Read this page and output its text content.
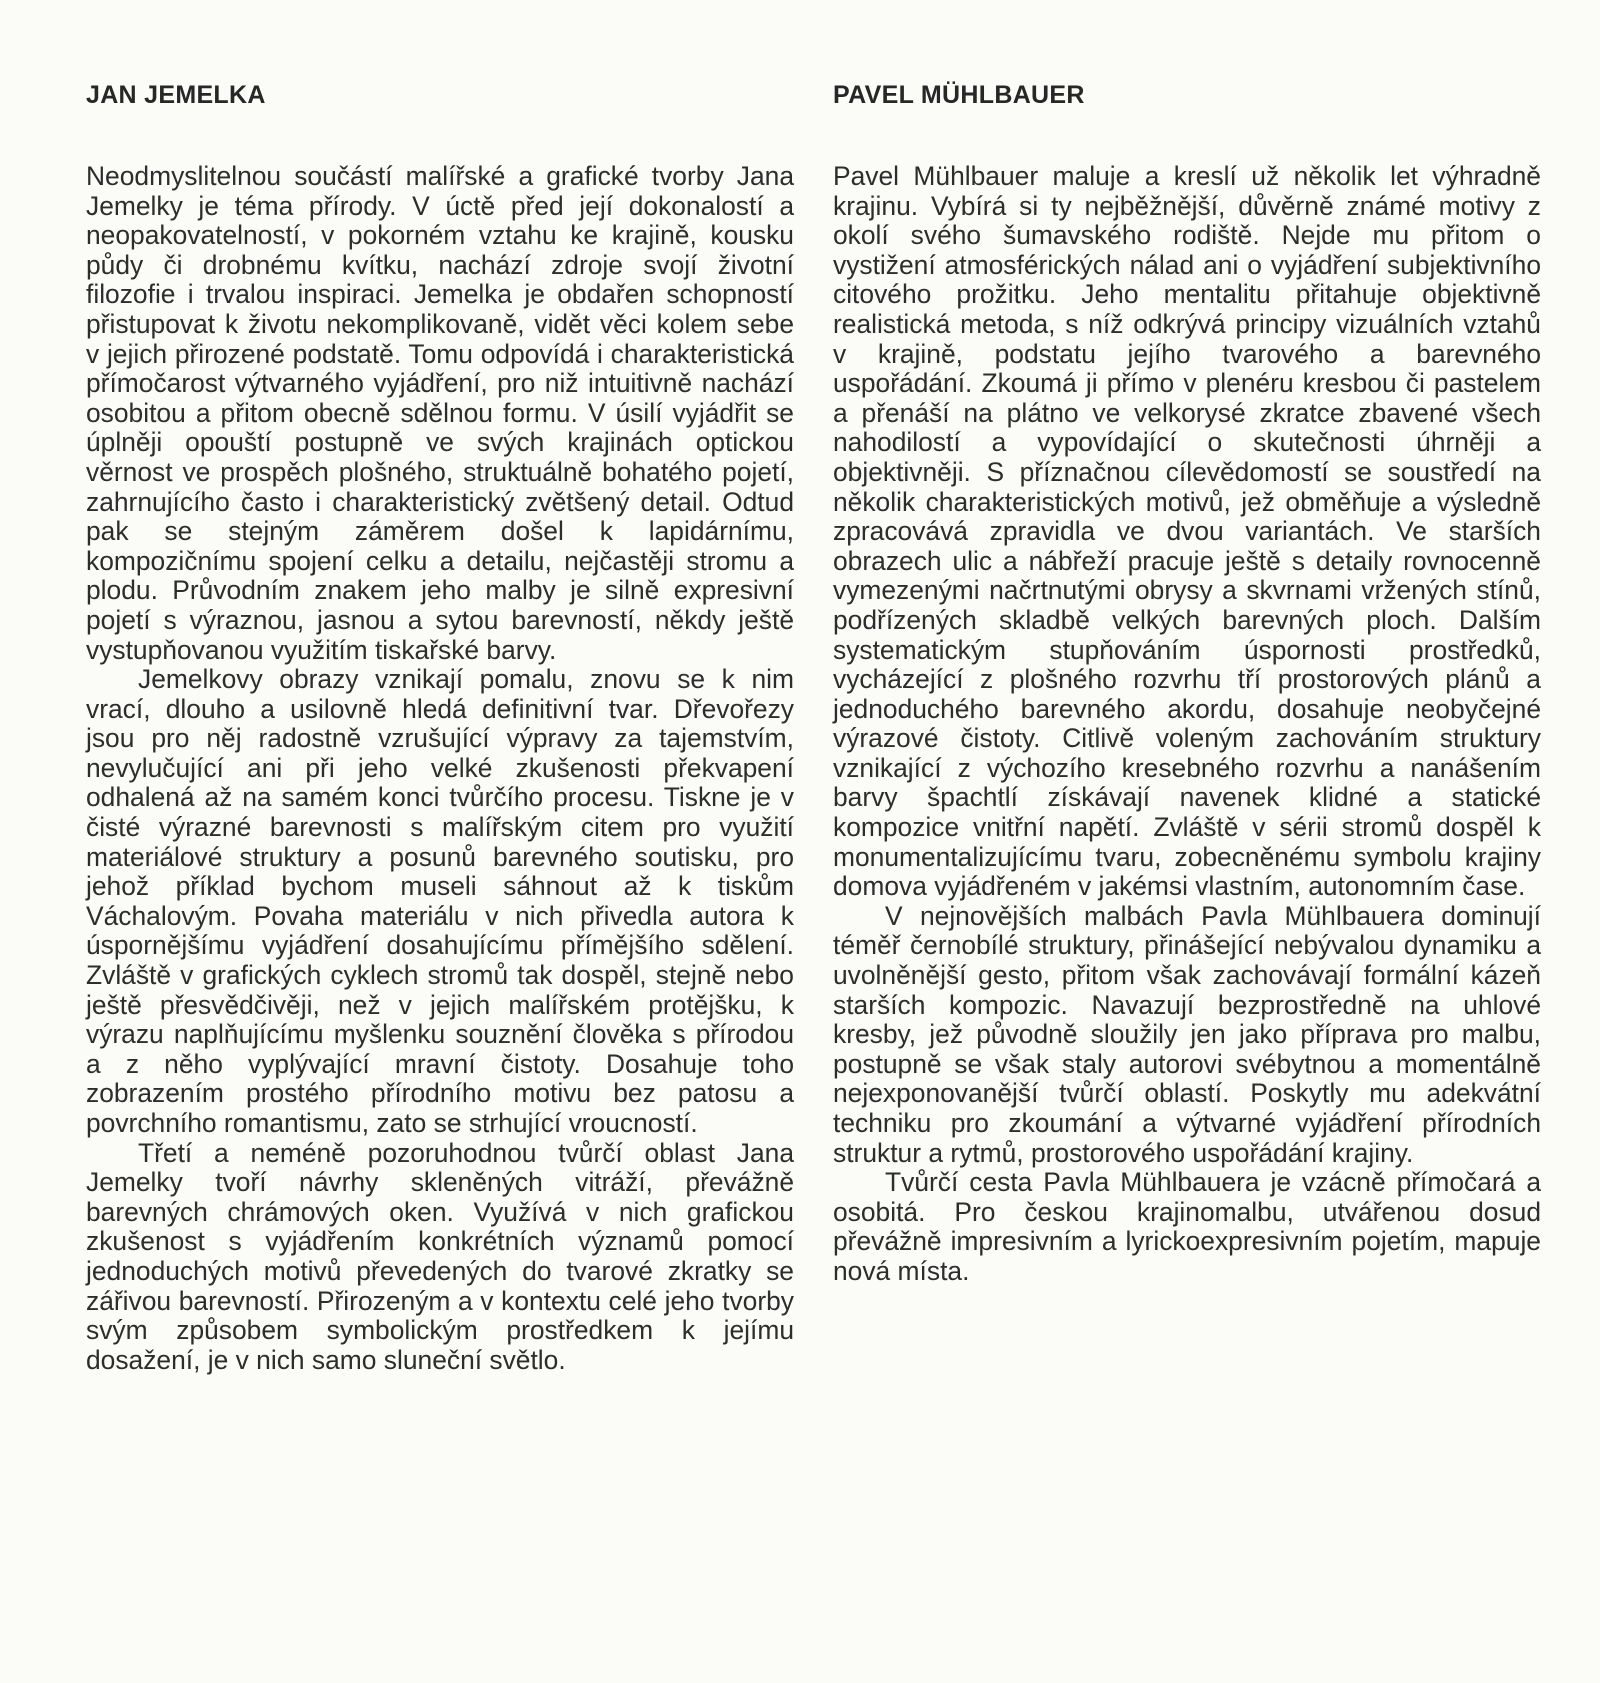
JAN JEMELKA

Neodmyslitelnou součástí malířské a grafické tvorby Jana Jemelky je téma přírody. V úctě před její dokonalostí a neopakovatelností, v pokorném vztahu ke krajině, kousku půdy či drobnému kvítku, nachází zdroje svojí životní filozofie i trvalou inspiraci. Jemelka je obdařen schopností přistupovat k životu nekomplikovaně, vidět věci kolem sebe v jejich přirozené podstatě. Tomu odpovídá i charakteristická přímočarost výtvarného vyjádření, pro niž intuitivně nachází osobitou a přitom obecně sdělnou formu. V úsilí vyjádřit se úplněji opouští postupně ve svých krajinách optickou věrnost ve prospěch plošného, struktuálně bohatého pojetí, zahrnujícího často i charakteristický zvětšený detail. Odtud pak se stejným záměrem došel k lapidárnímu, kompozičnímu spojení celku a detailu, nejčastěji stromu a plodu. Průvodním znakem jeho malby je silně expresivní pojetí s výraznou, jasnou a sytou barevností, někdy ještě vystupňovanou využitím tiskařské barvy.

Jemelkovy obrazy vznikají pomalu, znovu se k nim vrací, dlouho a usilovně hledá definitivní tvar. Dřevořezy jsou pro něj radostně vzrušující výpravy za tajemstvím, nevylučující ani při jeho velké zkušenosti překvapení odhalená až na samém konci tvůrčího procesu. Tiskne je v čisté výrazné barevnosti s malířským citem pro využití materiálové struktury a posunů barevného soutisku, pro jehož příklad bychom museli sáhnout až k tiskům Váchalovým. Povaha materiálu v nich přivedla autora k úspornějšímu vyjádření dosahujícímu přímějšího sdělení. Zvláště v grafických cyklech stromů tak dospěl, stejně nebo ještě přesvědčivěji, než v jejich malířském protějšku, k výrazu naplňujícímu myšlenku souznění člověka s přírodou a z něho vyplývající mravní čistoty. Dosahuje toho zobrazením prostého přírodního motivu bez patosu a povrchního romantismu, zato se strhující vroucností.

Třetí a neméně pozoruhodnou tvůrčí oblast Jana Jemelky tvoří návrhy skleněných vitráží, převážně barevných chrámových oken. Využívá v nich grafickou zkušenost s vyjádřením konkrétních významů pomocí jednoduchých motivů převedených do tvarové zkratky se zářivou barevností. Přirozeným a v kontextu celé jeho tvorby svým způsobem symbolickým prostředkem k jejímu dosažení, je v nich samo sluneční světlo.

PAVEL MÜHLBAUER

Pavel Mühlbauer maluje a kreslí už několik let výhradně krajinu. Vybírá si ty nejběžnější, důvěrně známé motivy z okolí svého šumavského rodiště. Nejde mu přitom o vystižení atmosférických nálad ani o vyjádření subjektivního citového prožitku. Jeho mentalitu přitahuje objektivně realistická metoda, s níž odkrývá principy vizuálních vztahů v krajině, podstatu jejího tvarového a barevného uspořádání. Zkoumá ji přímo v plenéru kresbou či pastelem a přenáší na plátno ve velkorysé zkratce zbavené všech nahodilostí a vypovídající o skutečnosti úhrněji a objektivněji. S příznačnou cílevědomostí se soustředí na několik charakteristických motivů, jež obměňuje a výsledně zpracovává zpravidla ve dvou variantách. Ve starších obrazech ulic a nábřeží pracuje ještě s detaily rovnocenně vymezenými načrtnutými obrysy a skvrnami vržených stínů, podřízených skladbě velkých barevných ploch. Dalším systematickým stupňováním úspornosti prostředků, vycházející z plošného rozvrhu tří prostorových plánů a jednoduchého barevného akordu, dosahuje neobyčejné výrazové čistoty. Citlivě voleným zachováním struktury vznikající z výchozího kresebného rozvrhu a nanášením barvy špachtlí získávají navenek klidné a statické kompozice vnitřní napětí. Zvláště v sérii stromů dospěl k monumentalizujícímu tvaru, zobecněnému symbolu krajiny domova vyjádřeném v jakémsi vlastním, autonomním čase.

V nejnovějších malbách Pavla Mühlbauera dominují téměř černobílé struktury, přinášející nebývalou dynamiku a uvolněnější gesto, přitom však zachovávají formální kázeň starších kompozic. Navazují bezprostředně na uhlové kresby, jež původně sloužily jen jako příprava pro malbu, postupně se však staly autorovi svébytnou a momentálně nejexponovanější tvůrčí oblastí. Poskytly mu adekvátní techniku pro zkoumání a výtvarné vyjádření přírodních struktur a rytmů, prostorového uspořádání krajiny.

Tvůrčí cesta Pavla Mühlbauera je vzácně přímočará a osobitá. Pro českou krajinomalbu, utvářenou dosud převážně impresivním a lyrickoexpresivním pojetím, mapuje nová místa.
